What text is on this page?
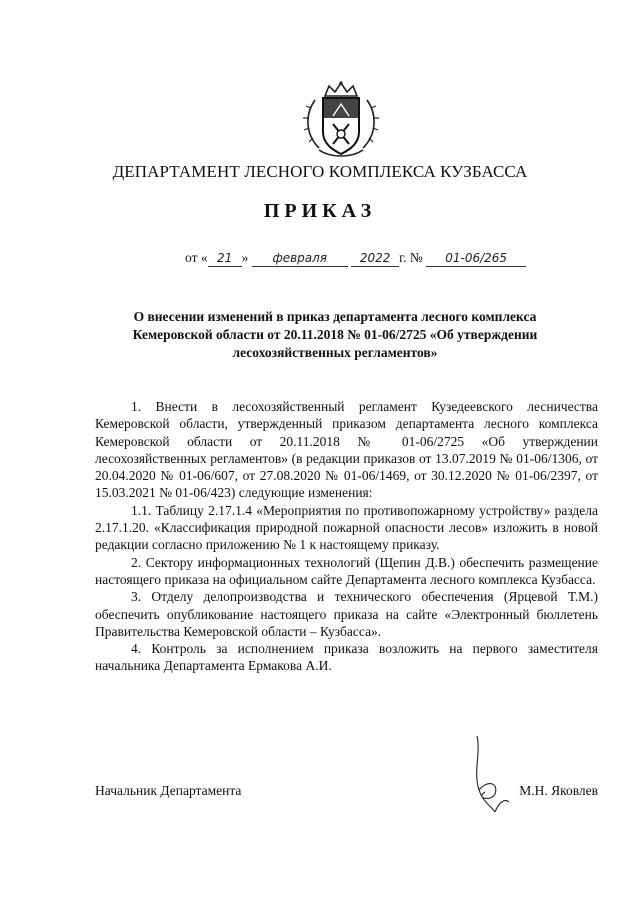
ДЕПАРТАМЕНТ ЛЕСНОГО КОМПЛЕКСА КУЗБАССА
ПРИКАЗ
от « 21 » февраля	2022 г. № 01-06/265
О внесении изменений в приказ департамента лесного комплекса Кемеровской области от 20.11.2018 № 01-06/2725 «Об утверждении лесохозяйственных регламентов»

1. Внести в лесохозяйственный регламент Кузедеевского лесничества Кемеровской области, утвержденный приказом департамента лесного комплекса Кемеровской области от 20.11.2018 № 01-06/2725 «Об утверждении лесохозяйственных регламентов» (в редакции приказов от 13.07.2019 № 01-06/1306, от 20.04.2020 № 01-06/607, от 27.08.2020 № 01-06/1469, от 30.12.2020 № 01-06/2397, от 15.03.2021 № 01-06/423) следующие изменения:

1.1. Таблицу 2.17.1.4 «Мероприятия по противопожарному устройству» раздела 2.17.1.20. «Классификация природной пожарной опасности лесов» изложить в новой редакции согласно приложению № 1 к настоящему приказу.

2. Сектору информационных технологий (Щепин Д.В.) обеспечить размещение настоящего приказа на официальном сайте Департамента лесного комплекса Кузбасса.

3. Отделу делопроизводства и технического обеспечения (Ярцевой Т.М.) обеспечить опубликование настоящего приказа на сайте «Электронный бюллетень Правительства Кемеровской области – Кузбасса».

4. Контроль за исполнением приказа возложить на первого заместителя начальника Департамента Ермакова А.И.

Начальник Департамента	М.Н. Яковлев
